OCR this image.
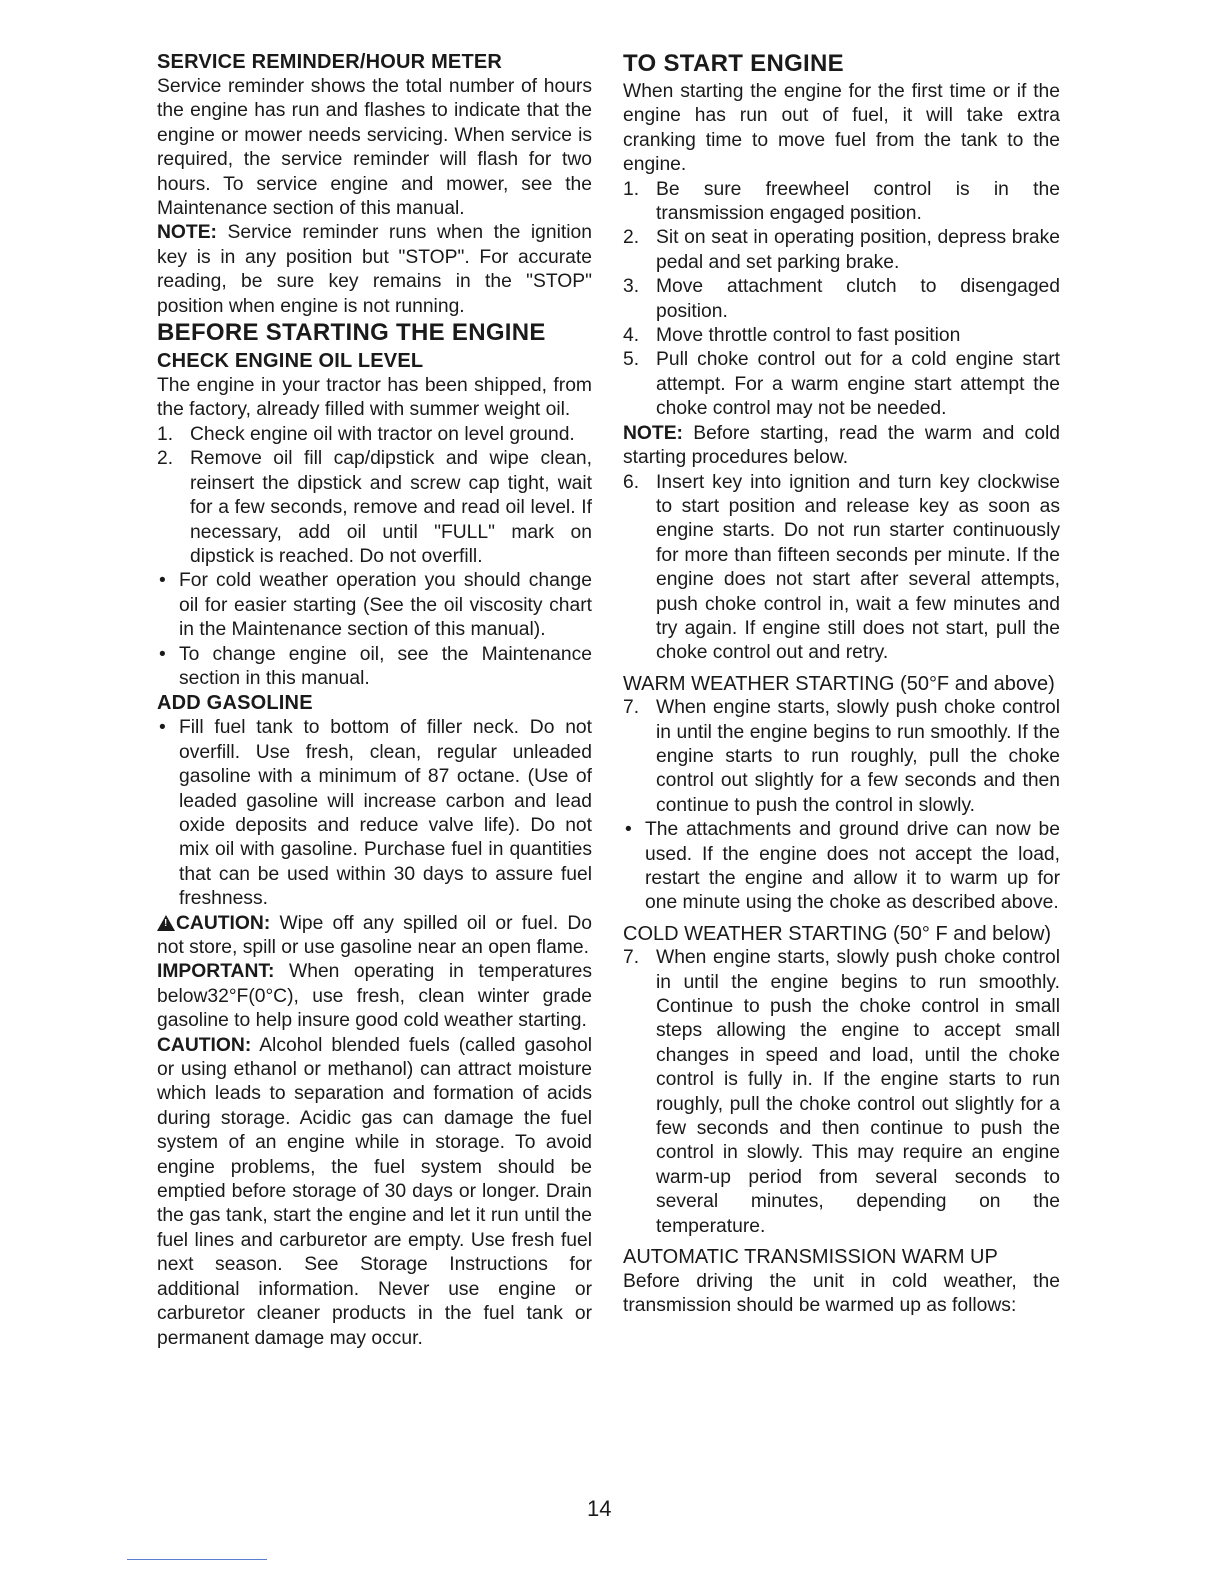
SERVICE REMINDER/HOUR METER

Service reminder shows the total number of hours the engine has run and flashes to indicate that the engine or mower needs servicing. When service is required, the service reminder will flash for two hours. To service engine and mower, see the Maintenance section of this manual.

NOTE: Service reminder runs when the ignition key is in any position but "STOP". For accurate reading, be sure key remains in the "STOP" position when engine is not running.

BEFORE STARTING THE ENGINE
CHECK ENGINE OIL LEVEL

The engine in your tractor has been shipped, from the factory, already filled with summer weight oil.

1. Check engine oil with tractor on level ground.
2. Remove oil fill cap/dipstick and wipe clean, reinsert the dipstick and screw cap tight, wait for a few seconds, remove and read oil level. If necessary, add oil until "FULL" mark on dipstick is reached. Do not overfill.
• For cold weather operation you should change oil for easier starting (See the oil viscosity chart in the Maintenance section of this manual).
• To change engine oil, see the Maintenance section in this manual.
ADD GASOLINE
• Fill fuel tank to bottom of filler neck. Do not overfill. Use fresh, clean, regular unleaded gasoline with a minimum of 87 octane. (Use of leaded gasoline will increase carbon and lead oxide deposits and reduce valve life). Do not mix oil with gasoline. Purchase fuel in quantities that can be used within 30 days to assure fuel freshness.

!CAUTION: Wipe off any spilled oil or fuel. Do not store, spill or use gasoline near an open flame.

IMPORTANT: When operating in temperatures below32°F(0°C), use fresh, clean winter grade gasoline to help insure good cold weather starting.

CAUTION: Alcohol blended fuels (called gasohol or using ethanol or methanol) can attract moisture which leads to separation and formation of acids during storage. Acidic gas can damage the fuel system of an engine while in storage. To avoid engine problems, the fuel system should be emptied before storage of 30 days or longer. Drain the gas tank, start the engine and let it run until the fuel lines and carburetor are empty. Use fresh fuel next season. See Storage Instructions for additional information. Never use engine or carburetor cleaner products in the fuel tank or permanent damage may occur.

TO START ENGINE

When starting the engine for the first time or if the engine has run out of fuel, it will take extra cranking time to move fuel from the tank to the engine.

1. Be sure freewheel control is in the transmission engaged position.
2. Sit on seat in operating position, depress brake pedal and set parking brake.
3. Move attachment clutch to disengaged position.
4. Move throttle control to fast position
5. Pull choke control out for a cold engine start attempt. For a warm engine start attempt the choke control may not be needed.

NOTE: Before starting, read the warm and cold starting procedures below.

6. Insert key into ignition and turn key clockwise to start position and release key as soon as engine starts. Do not run starter continuously for more than fifteen seconds per minute. If the engine does not start after several attempts, push choke control in, wait a few minutes and try again. If engine still does not start, pull the choke control out and retry.

WARM WEATHER STARTING (50°F and above)

7. When engine starts, slowly push choke control in until the engine begins to run smoothly. If the engine starts to run roughly, pull the choke control out slightly for a few seconds and then continue to push the control in slowly.
• The attachments and ground drive can now be used. If the engine does not accept the load, restart the engine and allow it to warm up for one minute using the choke as described above.

COLD WEATHER STARTING (50° F and below)

7. When engine starts, slowly push choke control in until the engine begins to run smoothly. Continue to push the choke control in small steps allowing the engine to accept small changes in speed and load, until the choke control is fully in. If the engine starts to run roughly, pull the choke control out slightly for a few seconds and then continue to push the control in slowly. This may require an engine warm-up period from several seconds to several minutes, depending on the temperature.

AUTOMATIC TRANSMISSION WARM UP

Before driving the unit in cold weather, the transmission should be warmed up as follows:

14
